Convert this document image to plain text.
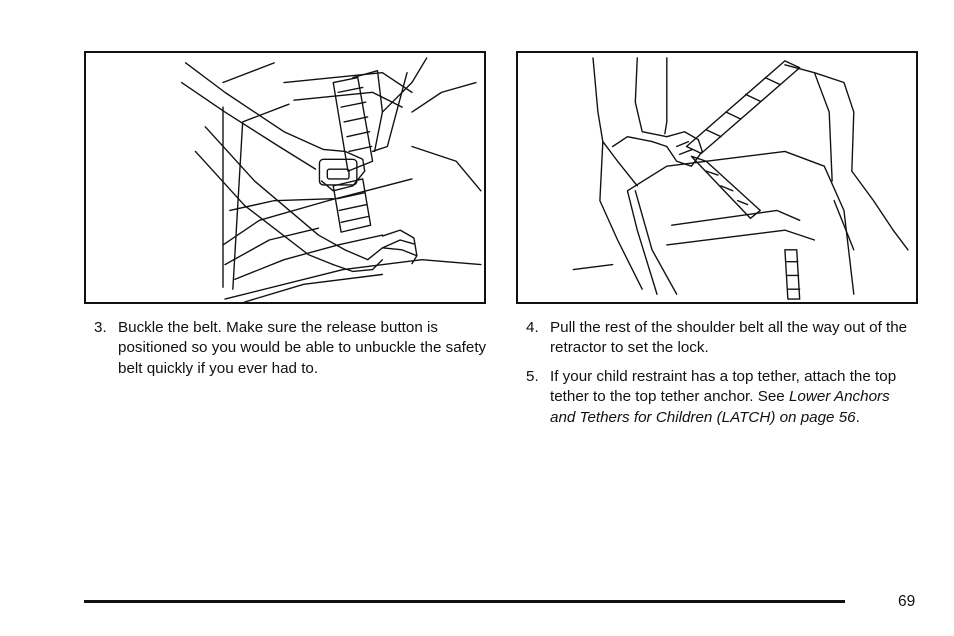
3. Buckle the belt. Make sure the release button is positioned so you would be able to unbuckle the safety belt quickly if you ever had to.
4. Pull the rest of the shoulder belt all the way out of the retractor to set the lock.
5. If your child restraint has a top tether, attach the top tether to the top tether anchor. See Lower Anchors and Tethers for Children (LATCH) on page 56.
69
